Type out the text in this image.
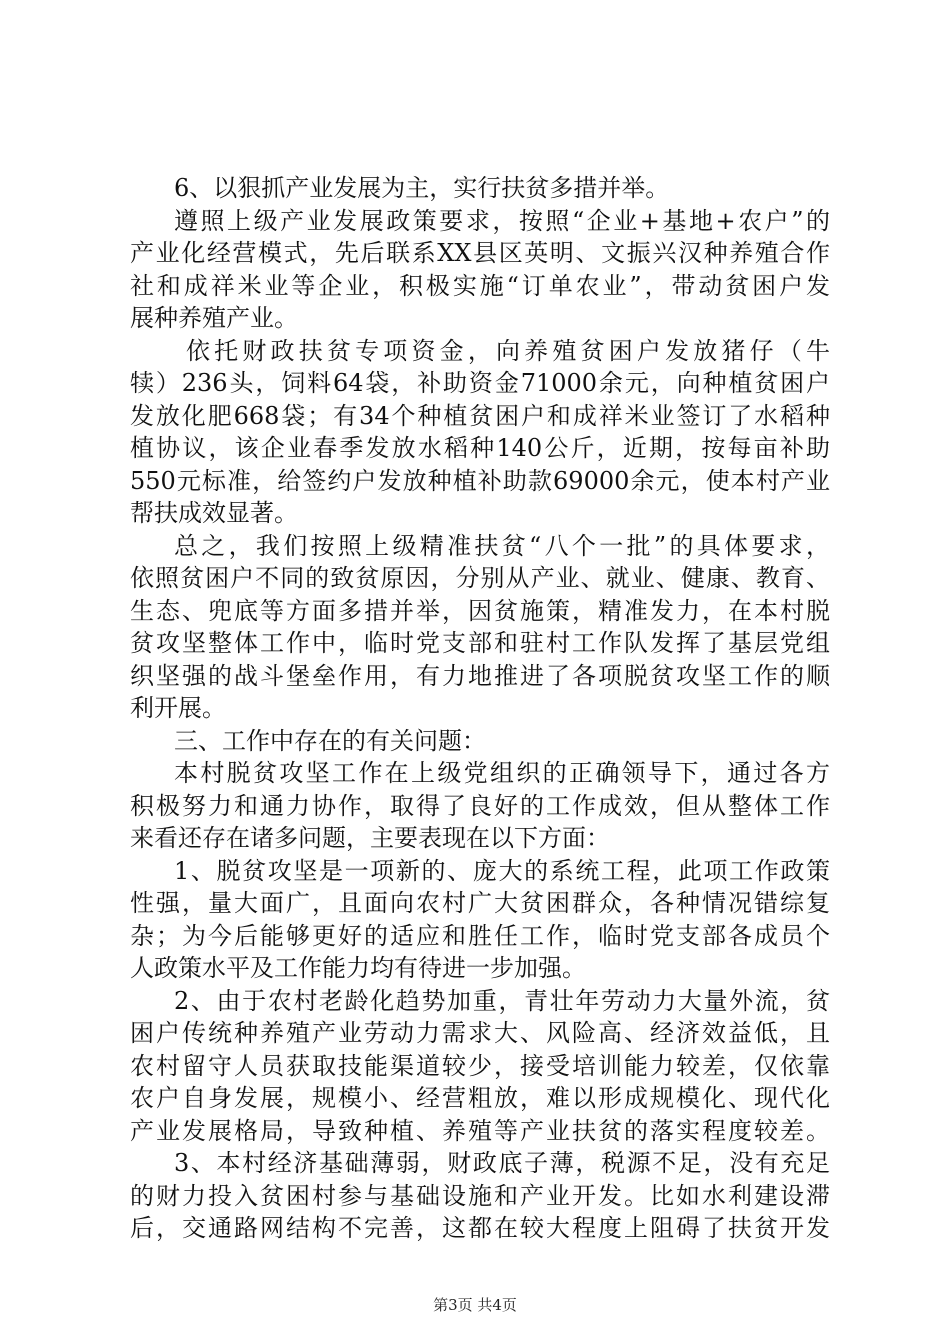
6、以狠抓产业发展为主，实行扶贫多措并举。
遵照上级产业发展政策要求，按照“企业+基地+农户”的
产业化经营模式，先后联系XX县区英明、文振兴汉种养殖合作
社和成祥米业等企业，积极实施“订单农业”，带动贫困户发
展种养殖产业。
依托财政扶贫专项资金，向养殖贫困户发放猪仔（牛
犊）236头，饲料64袋，补助资金71000余元，向种植贫困户
发放化肥668袋；有34个种植贫困户和成祥米业签订了水稻种
植协议，该企业春季发放水稻种140公斤，近期，按每亩补助
550元标准，给签约户发放种植补助款69000余元，使本村产业
帮扶成效显著。
总之，我们按照上级精准扶贫“八个一批”的具体要求，
依照贫困户不同的致贫原因，分别从产业、就业、健康、教育、
生态、兜底等方面多措并举，因贫施策，精准发力，在本村脱
贫攻坚整体工作中，临时党支部和驻村工作队发挥了基层党组
织坚强的战斗堡垒作用，有力地推进了各项脱贫攻坚工作的顺
利开展。
三、工作中存在的有关问题：
本村脱贫攻坚工作在上级党组织的正确领导下，通过各方
积极努力和通力协作，取得了良好的工作成效，但从整体工作
来看还存在诸多问题，主要表现在以下方面：
1、脱贫攻坚是一项新的、庞大的系统工程，此项工作政策
性强，量大面广，且面向农村广大贫困群众，各种情况错综复
杂；为今后能够更好的适应和胜任工作，临时党支部各成员个
人政策水平及工作能力均有待进一步加强。
2、由于农村老龄化趋势加重，青壮年劳动力大量外流，贫
困户传统种养殖产业劳动力需求大、风险高、经济效益低，且
农村留守人员获取技能渠道较少，接受培训能力较差，仅依靠
农户自身发展，规模小、经营粗放，难以形成规模化、现代化
产业发展格局，导致种植、养殖等产业扶贫的落实程度较差。
3、本村经济基础薄弱，财政底子薄，税源不足，没有充足
的财力投入贫困村参与基础设施和产业开发。比如水利建设滞
后，交通路网结构不完善，这都在较大程度上阻碍了扶贫开发
第3页 共4页
